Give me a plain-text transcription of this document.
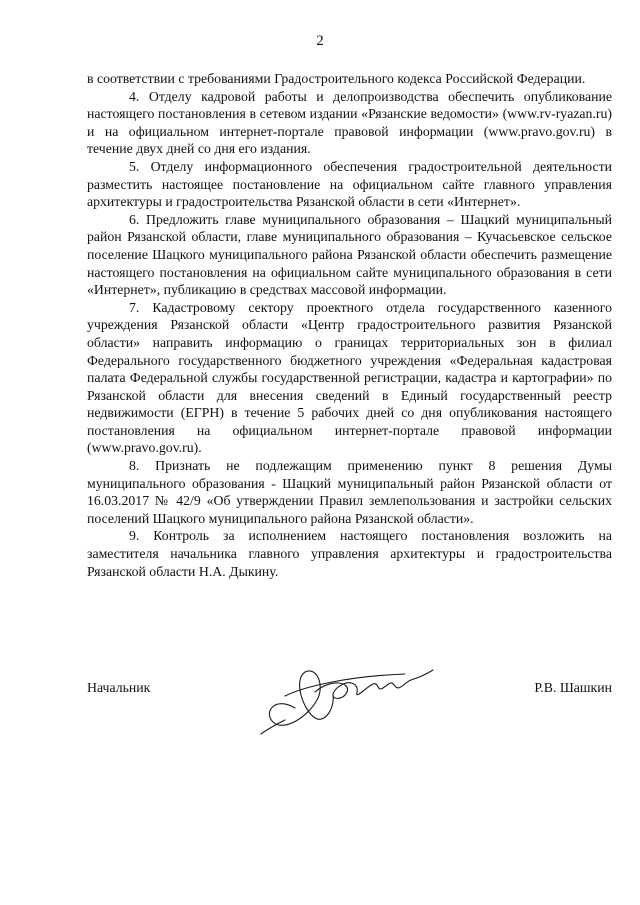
2

в соответствии с требованиями Градостроительного кодекса Российской Федерации.

4. Отделу кадровой работы и делопроизводства обеспечить опубликование настоящего постановления в сетевом издании «Рязанские ведомости» (www.rv-ryazan.ru) и на официальном интернет-портале правовой информации (www.pravo.gov.ru) в течение двух дней со дня его издания.

5. Отделу информационного обеспечения градостроительной деятельности разместить настоящее постановление на официальном сайте главного управления архитектуры и градостроительства Рязанской области в сети «Интернет».

6. Предложить главе муниципального образования – Шацкий муниципальный район Рязанской области, главе муниципального образования – Кучасьевское сельское поселение Шацкого муниципального района Рязанской области обеспечить размещение настоящего постановления на официальном сайте муниципального образования в сети «Интернет», публикацию в средствах массовой информации.

7. Кадастровому сектору проектного отдела государственного казенного учреждения Рязанской области «Центр градостроительного развития Рязанской области» направить информацию о границах территориальных зон в филиал Федерального государственного бюджетного учреждения «Федеральная кадастровая палата Федеральной службы государственной регистрации, кадастра и картографии» по Рязанской области для внесения сведений в Единый государственный реестр недвижимости (ЕГРН) в течение 5 рабочих дней со дня опубликования настоящего постановления на официальном интернет-портале правовой информации (www.pravo.gov.ru).

8. Признать не подлежащим применению пункт 8 решения Думы муниципального образования - Шацкий муниципальный район Рязанской области от 16.03.2017 № 42/9 «Об утверждении Правил землепользования и застройки сельских поселений Шацкого муниципального района Рязанской области».

9. Контроль за исполнением настоящего постановления возложить на заместителя начальника главного управления архитектуры и градостроительства Рязанской области Н.А. Дыкину.

Начальник	Р.В. Шашкин
